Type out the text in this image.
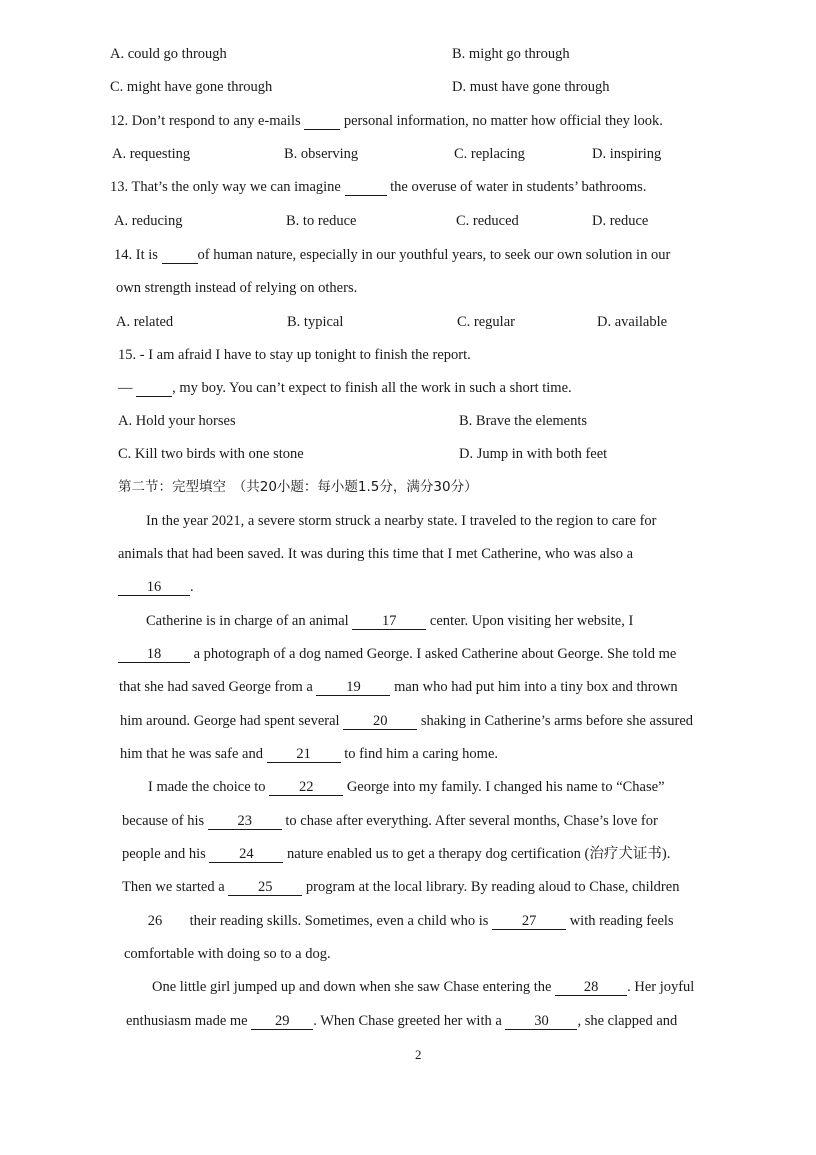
A. could go through	B. might go through
C. might have gone through	D. must have gone through
12. Don’t respond to any e-mails	personal information, no matter how official they look.
A. requesting	B. observing	C. replacing	D. inspiring
13. That’s the only way we can imagine	the overuse of water in students’ bathrooms.
A. reducing	B. to reduce	C. reduced	D. reduce
14. It is	of human nature, especially in our youthful years, to seek our own solution in our
own strength instead of relying on others.
A. related	B. typical	C. regular	D. available
15. - I am afraid I have to stay up tonight to finish the report.
—	, my boy. You can’t expect to finish all the work in such a short time.
A. Hold your horses	B. Brave the elements
C. Kill two birds with one stone	D. Jump in with both feet
第二节：完型填空　（共20小题：每小题1.5分，满分30分）
In the year 2021, a severe storm struck a nearby state. I traveled to the region to care for
animals that had been saved. It was during this time that I met Catherine, who was also a
16 .
Catherine is in charge of an animal 17 center. Upon visiting her website, I
18 a photograph of a dog named George. I asked Catherine about George. She told me
that she had saved George from a 19 man who had put him into a tiny box and thrown
him around. George had spent several 20 shaking in Catherine’s arms before she assured
him that he was safe and 21 to find him a caring home.
I made the choice to 22 George into my family. I changed his name to “Chase”
because of his 23 to chase after everything. After several months, Chase’s love for
people and his 24 nature enabled us to get a therapy dog certification (治疗犬证书).
Then we started a 25 program at the local library. By reading aloud to Chase, children
26 their reading skills. Sometimes, even a child who is 27 with reading feels
comfortable with doing so to a dog.
One little girl jumped up and down when she saw Chase entering the 28 . Her joyful
enthusiasm made me 29 . When Chase greeted her with a 30 , she clapped and
2
